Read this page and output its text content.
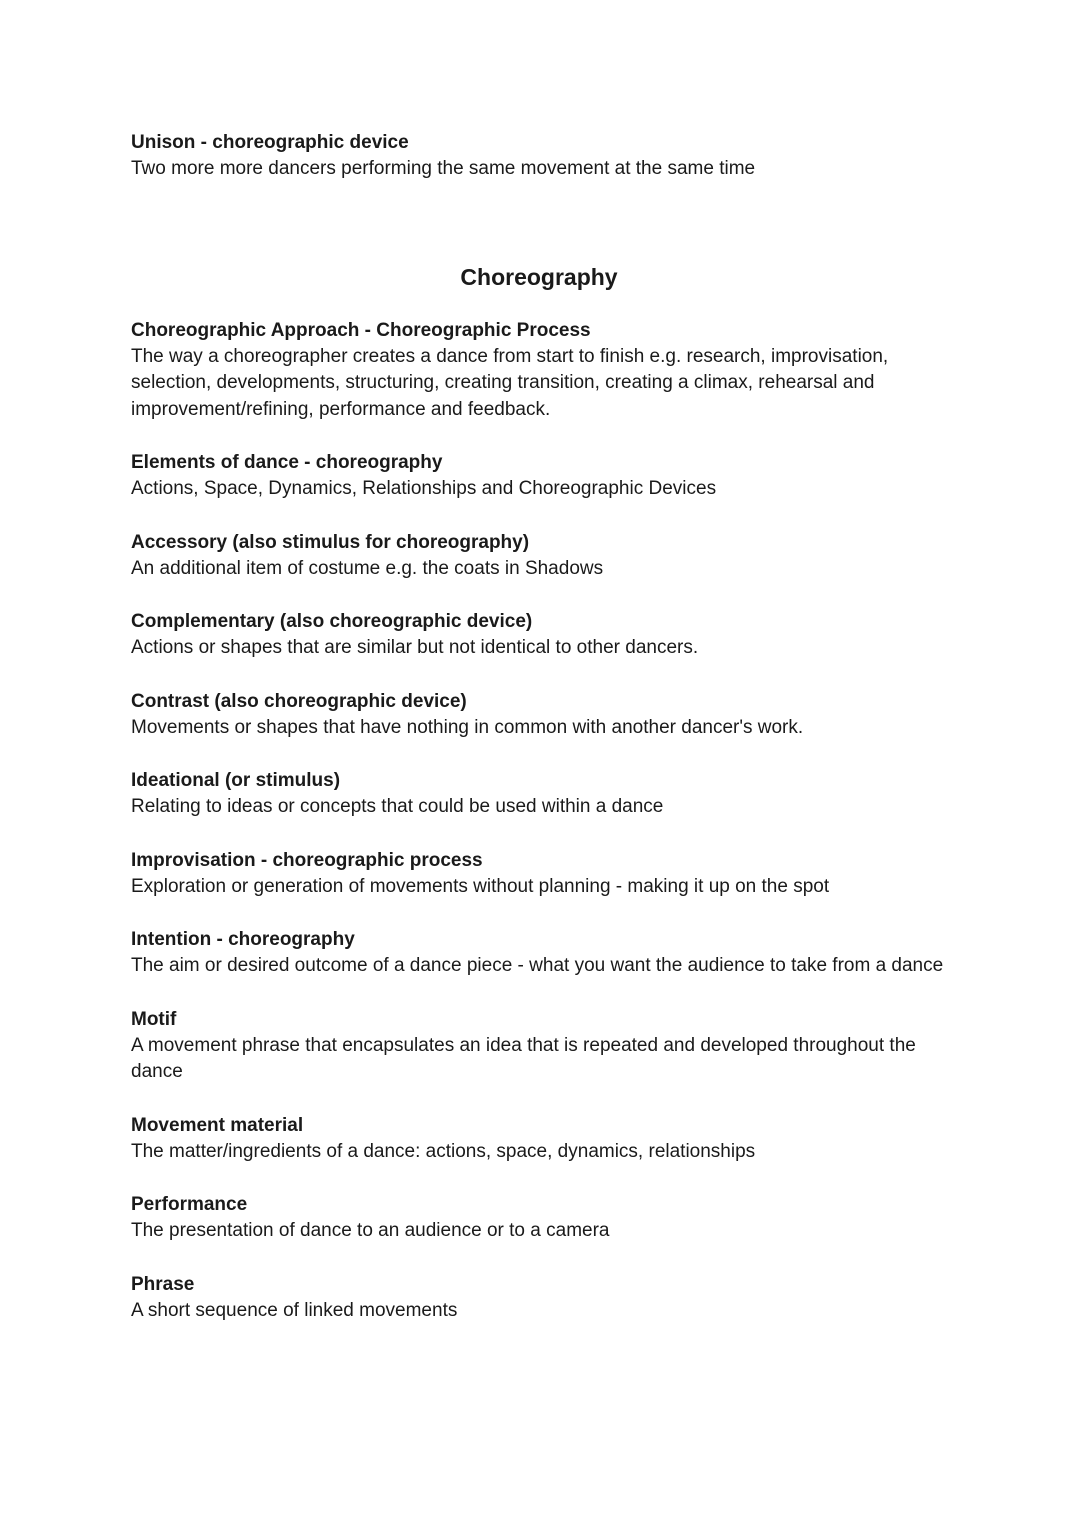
Unison - choreographic device

Two more more dancers performing the same movement at the same time

Choreography

Choreographic Approach - Choreographic Process

The way a choreographer creates a dance from start to finish e.g. research, improvisation, selection, developments, structuring, creating transition, creating a climax, rehearsal and improvement/refining, performance and feedback.

Elements of dance - choreography

Actions, Space, Dynamics, Relationships and Choreographic Devices

Accessory (also stimulus for choreography)

An additional item of costume e.g. the coats in Shadows

Complementary (also choreographic device)

Actions or shapes that are similar but not identical to other dancers.

Contrast (also choreographic device)

Movements or shapes that have nothing in common with another dancer's work.

Ideational (or stimulus)

Relating to ideas or concepts that could be used within a dance

Improvisation - choreographic process

Exploration or generation of movements without planning - making it up on the spot

Intention - choreography

The aim or desired outcome of a dance piece - what you want the audience to take from a dance

Motif

A movement phrase that encapsulates an idea that is repeated and developed throughout the dance

Movement material

The matter/ingredients of a dance: actions, space, dynamics, relationships

Performance

The presentation of dance to an audience or to a camera

Phrase

A short sequence of linked movements
